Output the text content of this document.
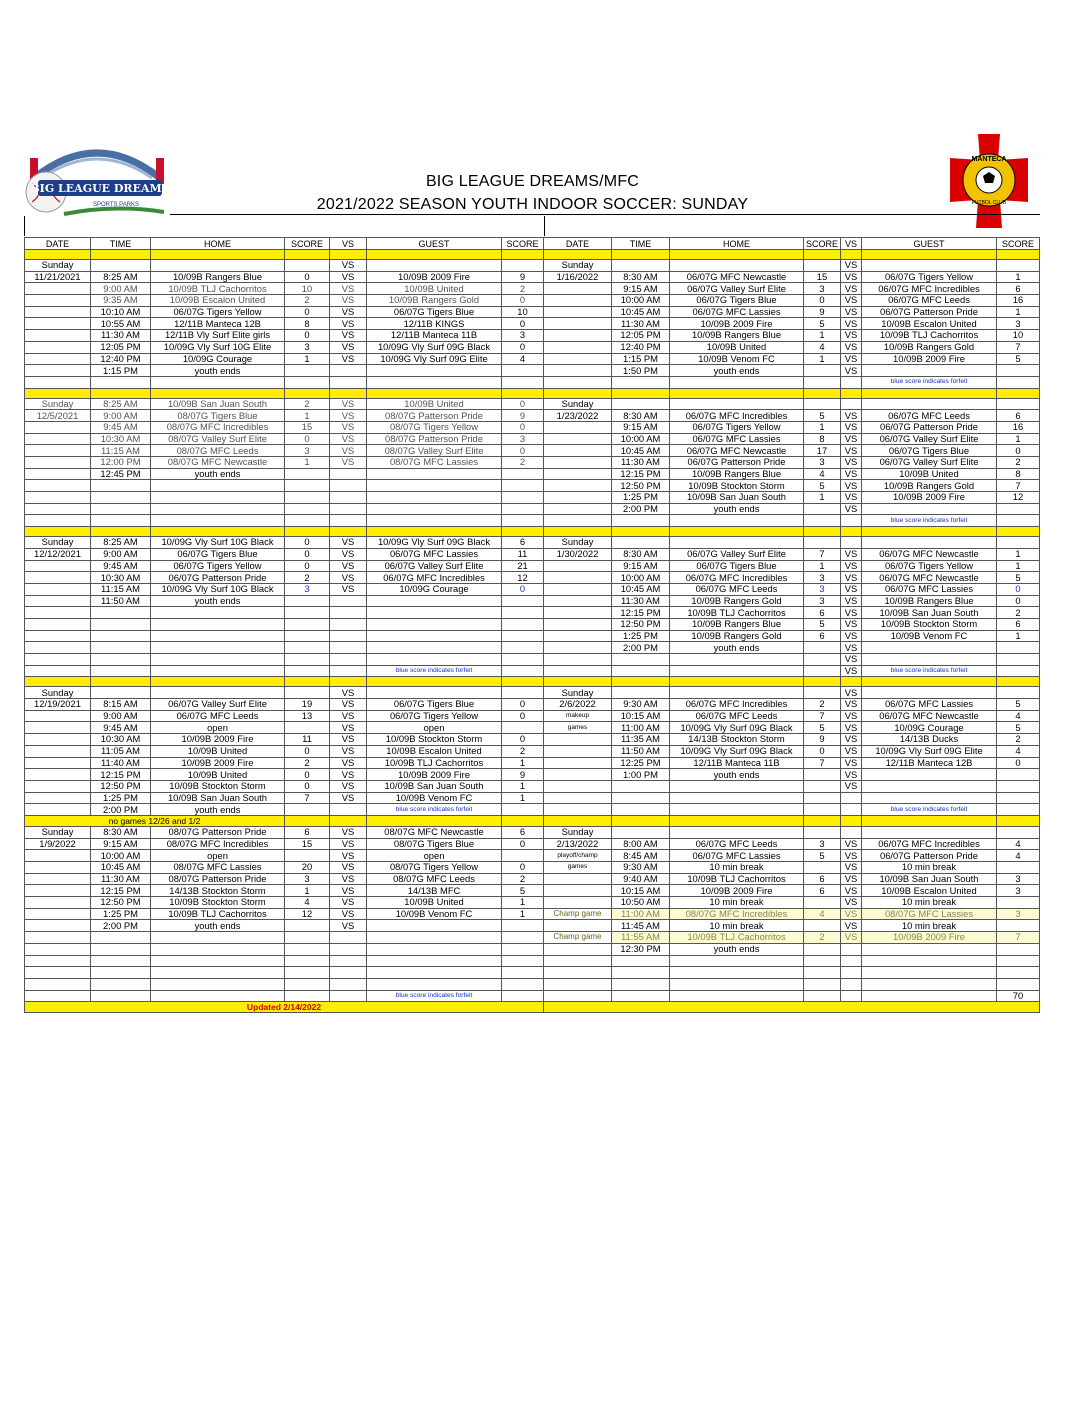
BIG LEAGUE DREAMS
SPORTS PARKS
MANTECA
FUTBOL CLUB
BIG LEAGUE DREAMS/MFC
2021/2022 SEASON YOUTH INDOOR SOCCER: SUNDAY
DATE	TIME	HOME	SCORE	VS	GUEST	SCORE	DATE	TIME	HOME	SCORE	VS	GUEST	SCORE

Sunday				VS			Sunday				VS		
11/21/2021	8:25 AM	10/09B Rangers Blue	0	VS	10/09B 2009 Fire	9	1/16/2022	8:30 AM	06/07G MFC Newcastle	15	VS	06/07G Tigers Yellow	1
	9:00 AM	10/09B TLJ Cachorritos	10	VS	10/09B United	2		9:15 AM	06/07G Valley Surf Elite	3	VS	06/07G MFC Incredibles	6
	9:35 AM	10/09B Escalon United	2	VS	10/09B Rangers Gold	0		10:00 AM	06/07G Tigers Blue	0	VS	06/07G MFC Leeds	16
	10:10 AM	06/07G Tigers Yellow	0	VS	06/07G Tigers Blue	10		10:45 AM	06/07G MFC Lassies	9	VS	06/07G Patterson Pride	1
	10:55 AM	12/11B Manteca 12B	8	VS	12/11B KINGS	0		11:30 AM	10/09B 2009 Fire	5	VS	10/09B Escalon United	3
	11:30 AM	12/11B Vly Surf Elite girls	0	VS	12/11B Manteca 11B	3		12:05 PM	10/09B Rangers Blue	1	VS	10/09B TLJ Cachorritos	10
	12:05 PM	10/09G Vly Surf 10G Elite	3	VS	10/09G Vly Surf 09G Black	0		12:40 PM	10/09B United	4	VS	10/09B Rangers Gold	7
	12:40 PM	10/09G Courage	1	VS	10/09G Vly Surf 09G Elite	4		1:15 PM	10/09B Venom FC	1	VS	10/09B 2009 Fire	5
	1:15 PM	youth ends						1:50 PM	youth ends		VS		
												blue score indicates forfeit	

Sunday	8:25 AM	10/09B San Juan South	2	VS	10/09B United	0	Sunday						
12/5/2021	9:00 AM	08/07G Tigers Blue	1	VS	08/07G Patterson Pride	9	1/23/2022	8:30 AM	06/07G MFC Incredibles	5	VS	06/07G MFC Leeds	6
	9:45 AM	08/07G MFC Incredibles	15	VS	08/07G Tigers Yellow	0		9:15 AM	06/07G Tigers Yellow	1	VS	06/07G Patterson Pride	16
	10:30 AM	08/07G Valley Surf Elite	0	VS	08/07G Patterson Pride	3		10:00 AM	06/07G MFC Lassies	8	VS	06/07G Valley Surf Elite	1
	11:15 AM	08/07G MFC Leeds	3	VS	08/07G Valley Surf Elite	0		10:45 AM	06/07G MFC Newcastle	17	VS	06/07G Tigers Blue	0
	12:00 PM	08/07G MFC Newcastle	1	VS	08/07G MFC Lassies	2		11:30 AM	06/07G Patterson Pride	3	VS	06/07G Valley Surf Elite	2
	12:45 PM	youth ends						12:15 PM	10/09B Rangers Blue	4	VS	10/09B United	8
								12:50 PM	10/09B Stockton Storm	5	VS	10/09B Rangers Gold	7
								1:25 PM	10/09B San Juan South	1	VS	10/09B 2009 Fire	12
								2:00 PM	youth ends		VS		
												blue score indicates forfeit	

Sunday	8:25 AM	10/09G Vly Surf 10G Black	0	VS	10/09G Vly Surf 09G Black	6	Sunday						
12/12/2021	9:00 AM	06/07G Tigers Blue	0	VS	06/07G MFC Lassies	11	1/30/2022	8:30 AM	06/07G Valley Surf Elite	7	VS	06/07G MFC Newcastle	1
	9:45 AM	06/07G Tigers Yellow	0	VS	06/07G Valley Surf Elite	21		9:15 AM	06/07G Tigers Blue	1	VS	06/07G Tigers Yellow	1
	10:30 AM	06/07G Patterson Pride	2	VS	06/07G MFC Incredibles	12		10:00 AM	06/07G MFC Incredibles	3	VS	06/07G MFC Newcastle	5
	11:15 AM	10/09G Vly Surf 10G Black	3	VS	10/09G Courage	0		10:45 AM	06/07G MFC Leeds	3	VS	06/07G MFC Lassies	0
	11:50 AM	youth ends						11:30 AM	10/09B Rangers Gold	3	VS	10/09B Rangers Blue	0
								12:15 PM	10/09B TLJ Cachorritos	6	VS	10/09B San Juan South	2
								12:50 PM	10/09B Rangers Blue	5	VS	10/09B Stockton Storm	6
								1:25 PM	10/09B Rangers Gold	6	VS	10/09B Venom FC	1
								2:00 PM	youth ends		VS		
											VS		
					blue score indicates forfeit						VS	blue score indicates forfeit	

Sunday				VS			Sunday				VS		
12/19/2021	8:15 AM	06/07G Valley Surf Elite	19	VS	06/07G Tigers Blue	0	2/6/2022	9:30 AM	06/07G MFC Incredibles	2	VS	06/07G MFC Lassies	5
	9:00 AM	06/07G MFC Leeds	13	VS	06/07G Tigers Yellow	0	makeup	10:15 AM	06/07G MFC Leeds	7	VS	06/07G MFC Newcastle	4
	9:45 AM	open		VS	open		games	11:00 AM	10/09G Vly Surf 09G Black	5	VS	10/09G Courage	5
	10:30 AM	10/09B 2009 Fire	11	VS	10/09B Stockton Storm	0		11:35 AM	14/13B Stockton Storm	9	VS	14/13B Ducks	2
	11:05 AM	10/09B United	0	VS	10/09B Escalon United	2		11:50 AM	10/09G Vly Surf 09G Black	0	VS	10/09G Vly Surf 09G Elite	4
	11:40 AM	10/09B 2009 Fire	2	VS	10/09B TLJ Cachorritos	1		12:25 PM	12/11B Manteca 11B	7	VS	12/11B Manteca 12B	0
	12:15 PM	10/09B United	0	VS	10/09B 2009 Fire	9		1:00 PM	youth ends		VS		
	12:50 PM	10/09B Stockton Storm	0	VS	10/09B San Juan South	1					VS		
	1:25 PM	10/09B San Juan South	7	VS	10/09B Venom FC	1							
	2:00 PM	youth ends			blue score indicates forfeit							blue score indicates forfeit	
no games 12/26 and 1/2													
Sunday	8:30 AM	08/07G Patterson Pride	6	VS	08/07G MFC Newcastle	6	Sunday						
1/9/2022	9:15 AM	08/07G MFC Incredibles	15	VS	08/07G Tigers Blue	0	2/13/2022	8:00 AM	06/07G MFC Leeds	3	VS	06/07G MFC Incredibles	4
	10:00 AM	open		VS	open		playoff/champ	8:45 AM	06/07G MFC Lassies	5	VS	06/07G Patterson Pride	4
	10:45 AM	08/07G MFC Lassies	20	VS	08/07G Tigers Yellow	0	games	9:30 AM	10 min break		VS	10 min break	
	11:30 AM	08/07G Patterson Pride	3	VS	08/07G MFC Leeds	2		9:40 AM	10/09B TLJ Cachorritos	6	VS	10/09B San Juan South	3
	12:15 PM	14/13B Stockton Storm	1	VS	14/13B MFC	5		10:15 AM	10/09B 2009 Fire	6	VS	10/09B Escalon United	3
	12:50 PM	10/09B Stockton Storm	4	VS	10/09B United	1		10:50 AM	10 min break		VS	10 min break	
	1:25 PM	10/09B TLJ Cachorritos	12	VS	10/09B Venom FC	1	Champ game	11:00 AM	08/07G MFC Incredibles	4	VS	08/07G MFC Lassies	3
	2:00 PM	youth ends		VS				11:45 AM	10 min break		VS	10 min break	
							Champ game	11:55 AM	10/09B TLJ Cachorritos	2	VS	10/09B 2009 Fire	7
								12:30 PM	youth ends				

					blue score indicates forfeit								70
Updated 2/14/2022													
